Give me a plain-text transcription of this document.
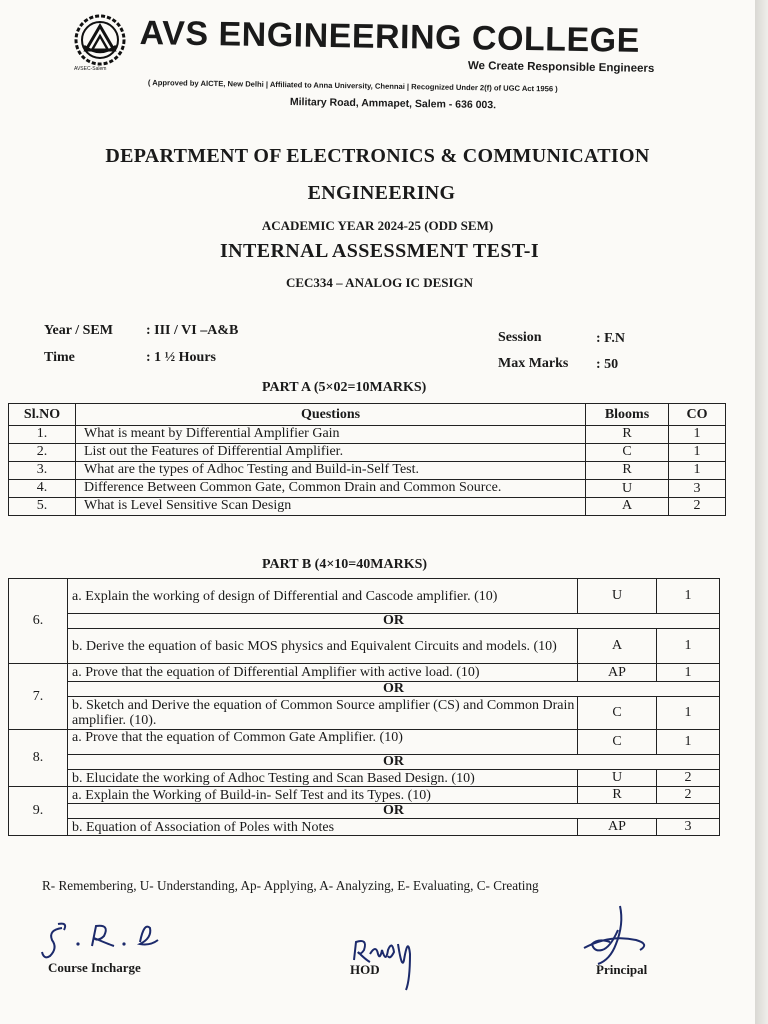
AVSEC-Salem
AVS ENGINEERING COLLEGE
We Create Responsible Engineers
( Approved by AICTE, New Delhi | Affiliated to Anna University, Chennai | Recognized Under 2(f) of UGC Act 1956 )
Military Road, Ammapet, Salem - 636 003.
DEPARTMENT OF ELECTRONICS & COMMUNICATION
ENGINEERING
ACADEMIC YEAR 2024-25 (ODD SEM)
INTERNAL ASSESSMENT TEST-I
CEC334 – ANALOG IC DESIGN
Year / SEM : III / VI –A&B
Time	: 1 ½ Hours
Session	: F.N
Max Marks : 50
PART A (5×02=10MARKS)
Sl.NO	Questions	Blooms	CO
1.	What is meant by Differential Amplifier Gain	R	1
2.	List out the Features of Differential Amplifier.	C	1
3.	What are the types of Adhoc Testing and Build-in-Self Test.	R	1
4.	Difference Between Common Gate, Common Drain and Common Source.	U	3
5.	What is Level Sensitive Scan Design	A	2
PART B (4×10=40MARKS)
6.	a. Explain the working of design of Differential and Cascode amplifier. (10)	U	1
	OR		
	b. Derive the equation of basic MOS physics and Equivalent Circuits and models. (10)	A	1
7.	a. Prove that the equation of Differential Amplifier with active load. (10)	AP	1
	OR		
	b. Sketch and Derive the equation of Common Source amplifier (CS) and Common Drain amplifier. (10).	C	1
8.	a. Prove that the equation of Common Gate Amplifier. (10)	C	1
	OR		
	b. Elucidate the working of Adhoc Testing and Scan Based Design. (10)	U	2
9.	a. Explain the Working of Build-in- Self Test and its Types. (10)	R	2
	OR		
	b. Equation of Association of Poles with Notes	AP	3
R- Remembering, U- Understanding, Ap- Applying, A- Analyzing, E- Evaluating, C- Creating
Course Incharge	HOD	Principal
